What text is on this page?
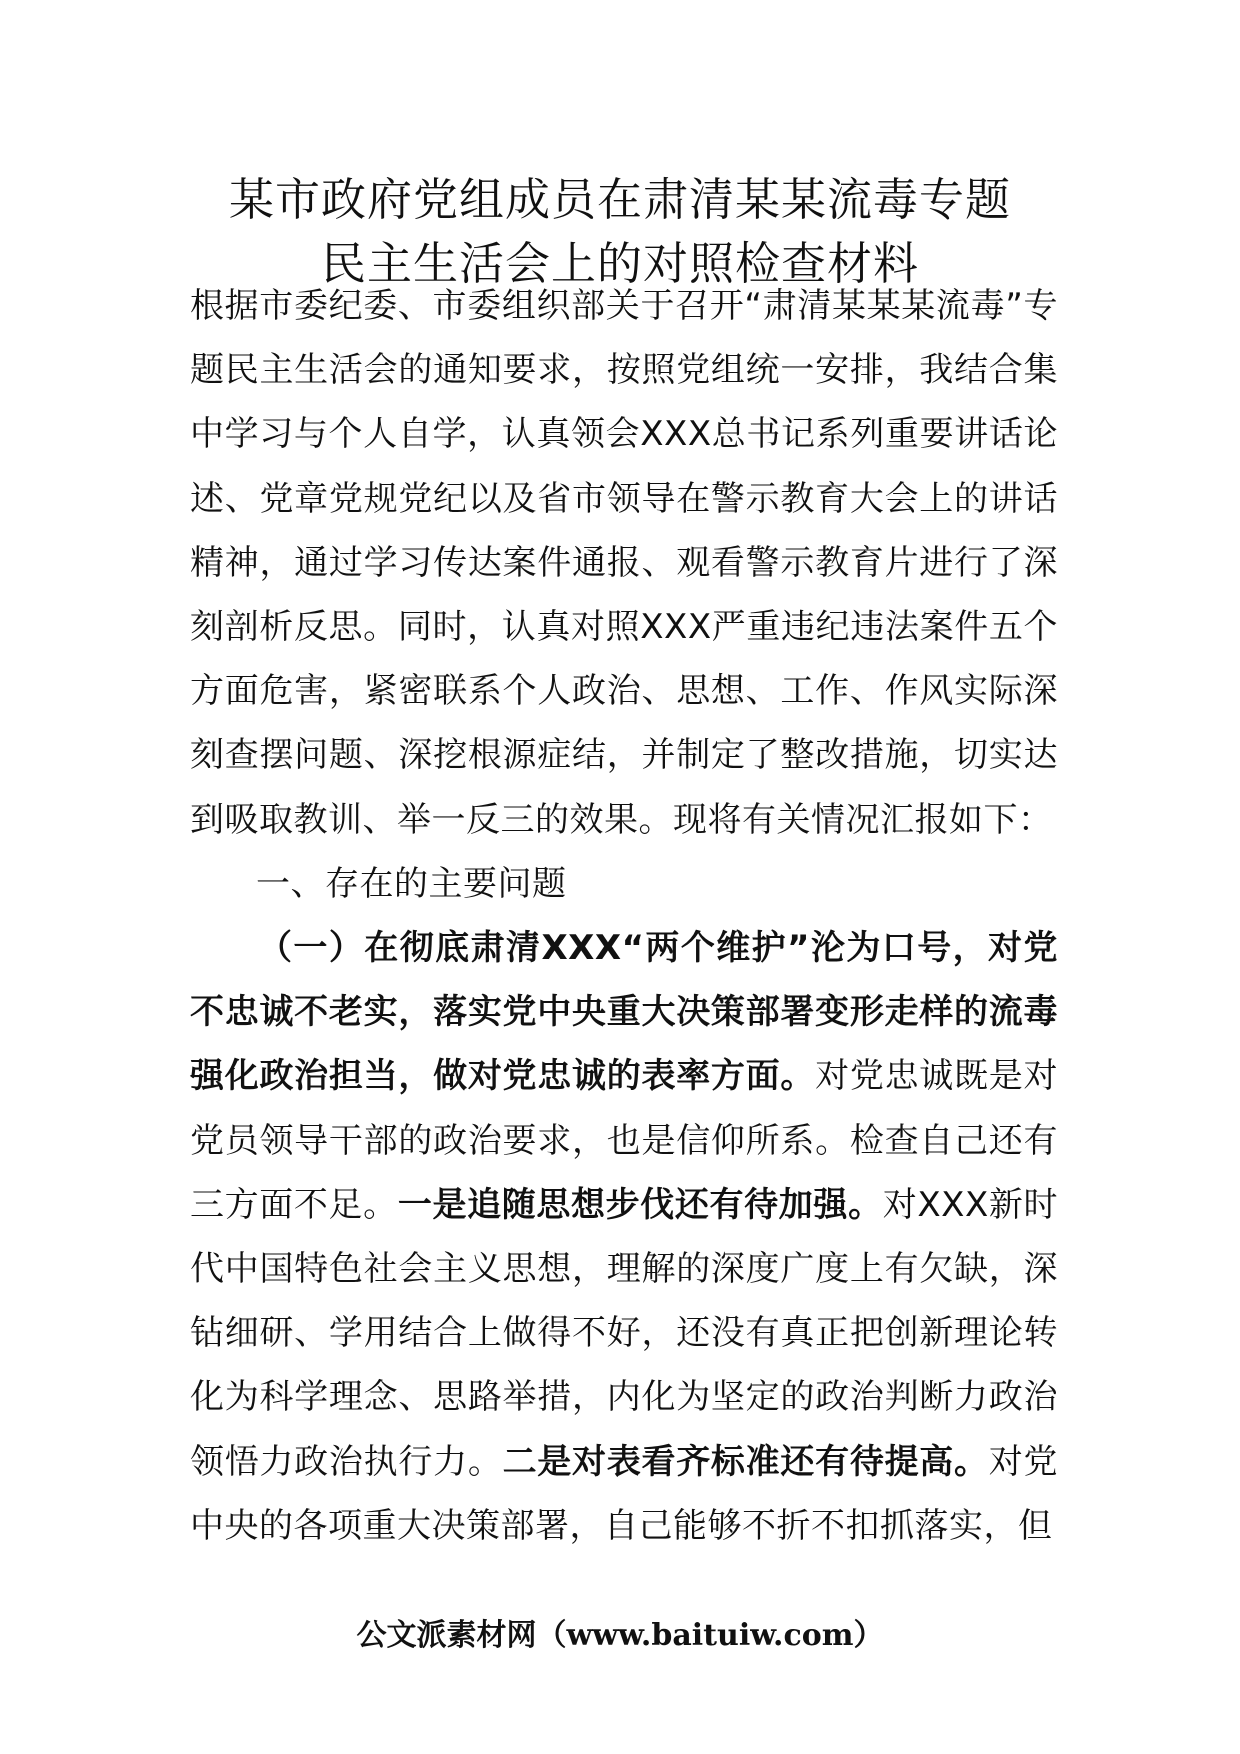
某市政府党组成员在肃清某某流毒专题
民主生活会上的对照检查材料

根据市委纪委、市委组织部关于召开“肃清某某某流毒”专题民主生活会的通知要求，按照党组统一安排，我结合集中学习与个人自学，认真领会XXX总书记系列重要讲话论述、党章党规党纪以及省市领导在警示教育大会上的讲话精神，通过学习传达案件通报、观看警示教育片进行了深刻剖析反思。同时，认真对照XXX严重违纪违法案件五个方面危害，紧密联系个人政治、思想、工作、作风实际深刻查摆问题、深挖根源症结，并制定了整改措施，切实达到吸取教训、举一反三的效果。现将有关情况汇报如下：

一、存在的主要问题

（一）在彻底肃清XXX“两个维护”沦为口号，对党不忠诚不老实，落实党中央重大决策部署变形走样的流毒强化政治担当，做对党忠诚的表率方面。对党忠诚既是对党员领导干部的政治要求，也是信仰所系。检查自己还有三方面不足。一是追随思想步伐还有待加强。对XXX新时代中国特色社会主义思想，理解的深度广度上有欠缺，深钻细研、学用结合上做得不好，还没有真正把创新理论转化为科学理念、思路举措，内化为坚定的政治判断力政治领悟力政治执行力。二是对表看齐标准还有待提高。对党中央的各项重大决策部署，自己能够不折不扣抓落实，但

公文派素材网（www.baituiw.com）
